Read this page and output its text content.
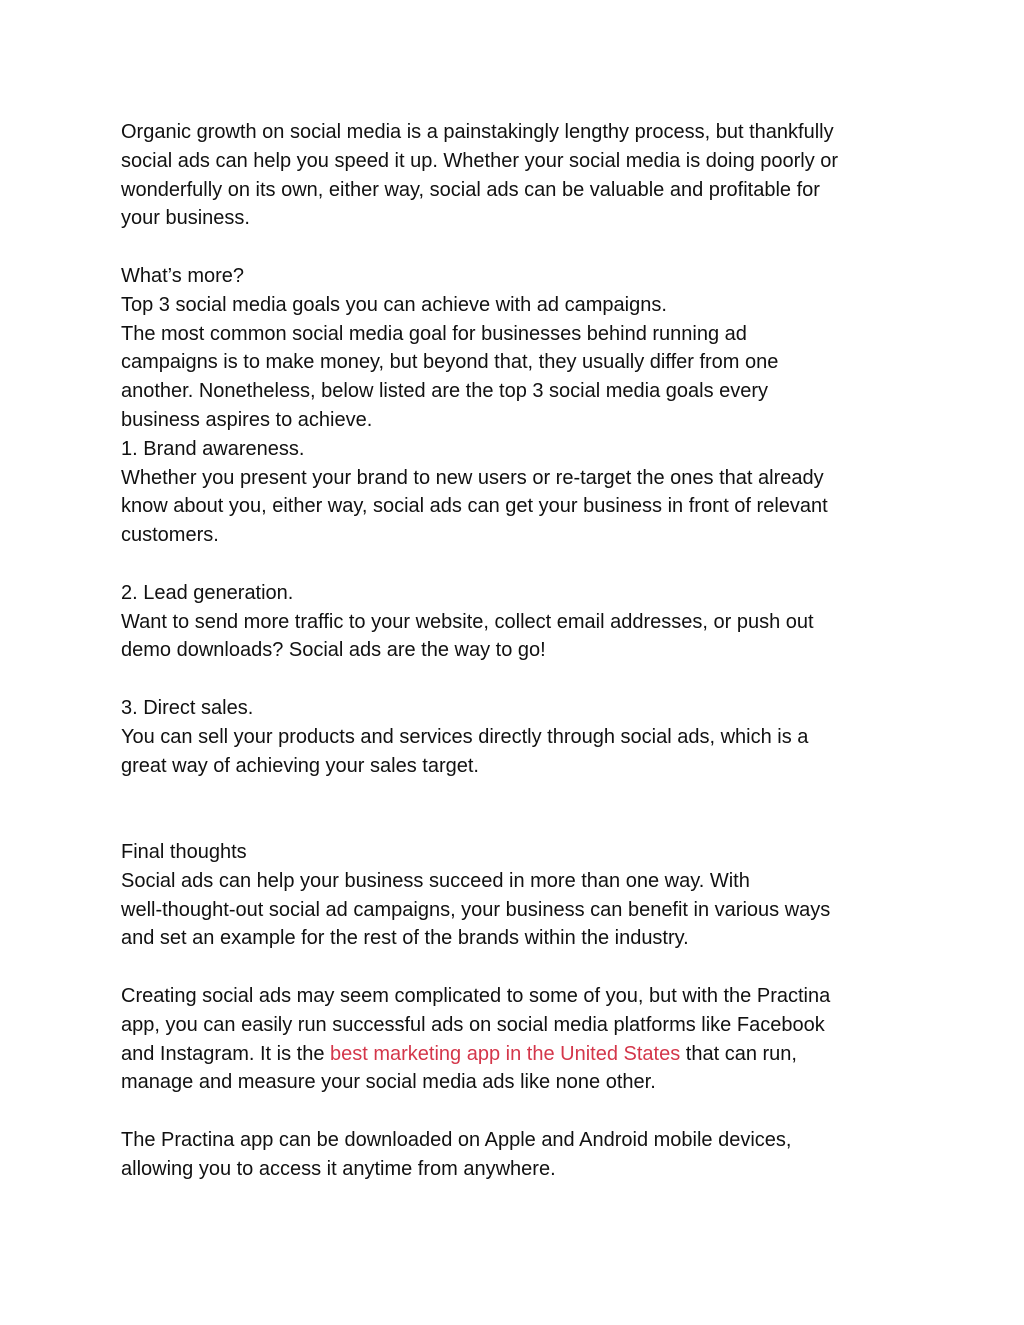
Organic growth on social media is a painstakingly lengthy process, but thankfully

social ads can help you speed it up. Whether your social media is doing poorly or

wonderfully on its own, either way, social ads can be valuable and profitable for

your business.

What’s more?

Top 3 social media goals you can achieve with ad campaigns.

The most common social media goal for businesses behind running ad

campaigns is to make money, but beyond that, they usually differ from one

another. Nonetheless, below listed are the top 3 social media goals every

business aspires to achieve.

1. Brand awareness.

Whether you present your brand to new users or re-target the ones that already

know about you, either way, social ads can get your business in front of relevant

customers.

2. Lead generation.

Want to send more traffic to your website, collect email addresses, or push out

demo downloads? Social ads are the way to go!

3. Direct sales.

You can sell your products and services directly through social ads, which is a

great way of achieving your sales target.

Final thoughts

Social ads can help your business succeed in more than one way. With

well-thought-out social ad campaigns, your business can benefit in various ways

and set an example for the rest of the brands within the industry.

Creating social ads may seem complicated to some of you, but with the Practina

app, you can easily run successful ads on social media platforms like Facebook

and Instagram. It is the best marketing app in the United States that can run,

manage and measure your social media ads like none other.

The Practina app can be downloaded on Apple and Android mobile devices,

allowing you to access it anytime from anywhere.
